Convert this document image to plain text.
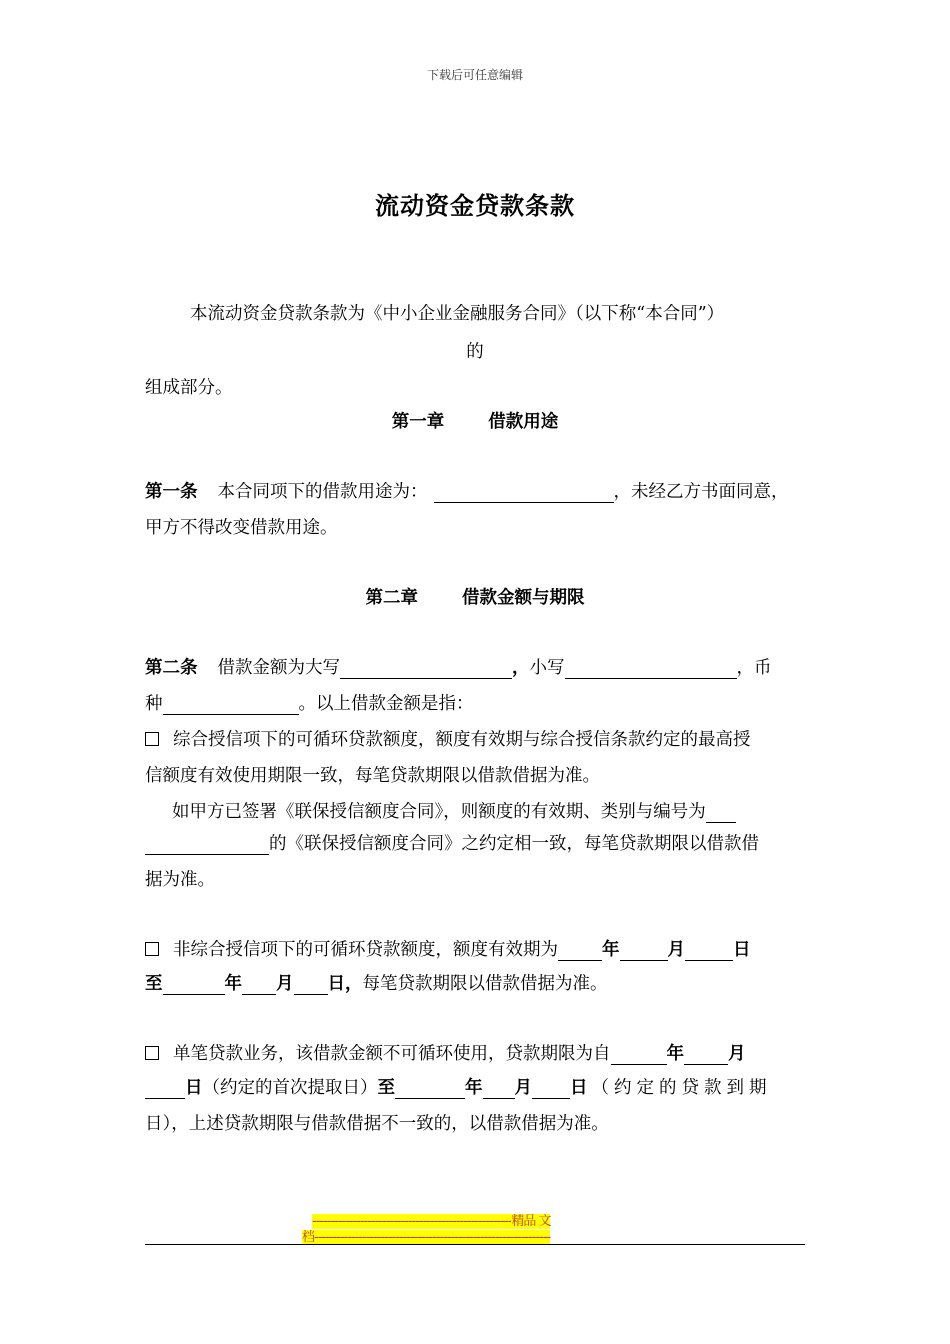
下载后可任意编辑
流动资金贷款条款
本流动资金贷款条款为《中小企业金融服务合同》（以下称“本合同”）
的
组成部分。
第一章	借款用途
第一条 本合同项下的借款用途为：	，未经乙方书面同意，
甲方不得改变借款用途。
第二章	借款金额与期限
第二条 借款金额为大写	，小写	，币
种	。以上借款金额是指：
综合授信项下的可循环贷款额度，额度有效期与综合授信条款约定的最高授
信额度有效使用期限一致，每笔贷款期限以借款借据为准。
如甲方已签署《联保授信额度合同》，则额度的有效期、类别与编号为
的《联保授信额度合同》之约定相一致，每笔贷款期限以借款借
据为准。
非综合授信项下的可循环贷款额度，额度有效期为	年	月	日
至	年 月 日，每笔贷款期限以借款借据为准。
单笔贷款业务，该借款金额不可循环使用，贷款期限为自	年	月
日（约定的首次提取日）至	年 月 日 （约定的贷款到期
日），上述贷款期限与借款借据不一致的，以借款借据为准。
------------------------------------------------------精品 文
档----------------------------------------------------------------
